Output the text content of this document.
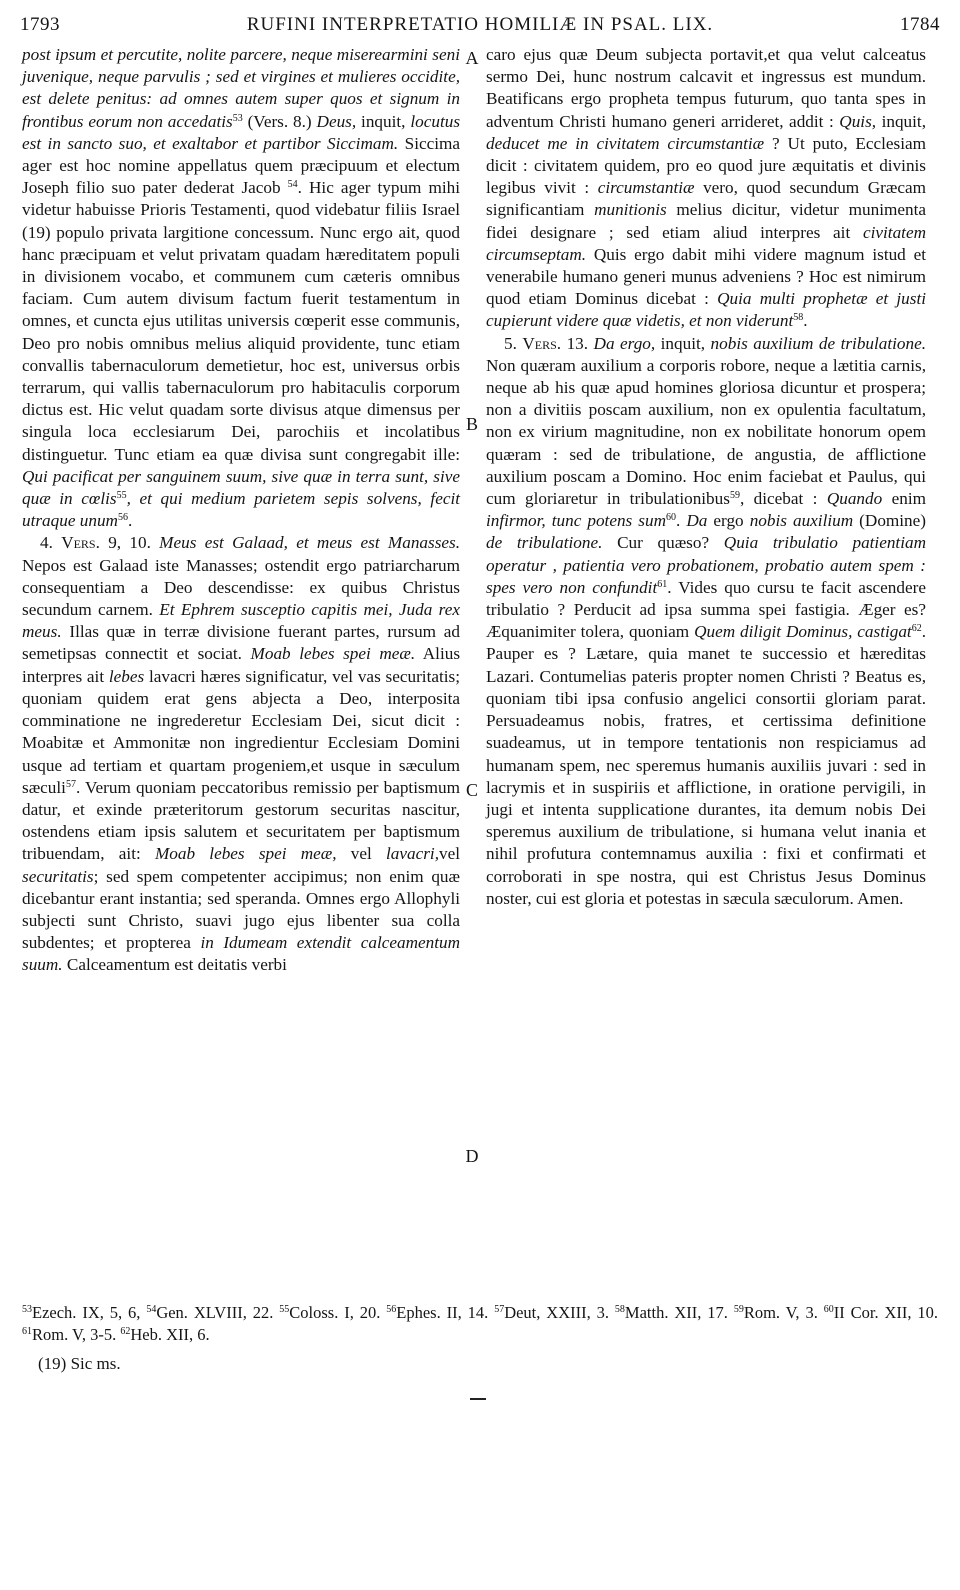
1793	RUFINI INTERPRETATIO HOMILIÆ IN PSAL. LIX.	1784

post ipsum et percutite, nolite parcere, neque miserearmini seni juvenique, neque parvulis ; sed et virgines et mulieres occidite, est delete penitus: ad omnes autem super quos et signum in frontibus eorum non accedatis$^{53}$ (Vers. 8.) Deus, inquit, locutus est in sancto suo, et exaltabor et partibor Siccimam. Siccima ager est hoc nomine appellatus quem præcipuum et electum Joseph filio suo pater dederat Jacob $^{54}$. Hic ager typum mihi videtur habuisse Prioris Testamenti, quod videbatur filiis Israel (19) populo privata largitione concessum. Nunc ergo ait, quod hanc præcipuam et velut privatam quadam hæreditatem populi in divisionem vocabo, et communem cum cæteris omnibus faciam. Cum autem divisum factum fuerit testamentum in omnes, et cuncta ejus utilitas universis cœperit esse communis, Deo pro nobis omnibus melius aliquid providente, tunc etiam convallis tabernaculorum demetietur, hoc est, universus orbis terrarum, qui vallis tabernaculorum pro habitaculis corporum dictus est. Hic velut quadam sorte divisus atque dimensus per singula loca ecclesiarum Dei, parochiis et incolatibus distinguetur. Tunc etiam ea quæ divisa sunt congregabit ille: Qui pacificat per sanguinem suum, sive quæ in terra sunt, sive quæ in cœlis$^{55}$, et qui medium parietem sepis solvens, fecit utraque unum$^{56}$.

4. Vers. 9, 10. Meus est Galaad, et meus est Manasses. Nepos est Galaad iste Manasses; ostendit ergo patriarcharum consequentiam a Deo descendisse: ex quibus Christus secundum carnem. Et Ephrem susceptio capitis mei, Juda rex meus. Illas quæ in terræ divisione fuerant partes, rursum ad semetipsas connectit et sociat. Moab lebes spei meæ. Alius interpres ait lebes lavacri hæres significatur, vel vas securitatis; quoniam quidem erat gens abjecta a Deo, interposita comminatione ne ingrederetur Ecclesiam Dei, sicut dicit : Moabitæ et Ammonitæ non ingredientur Ecclesiam Domini usque ad tertiam et quartam progeniem,et usque in sæculum sæculi$^{57}$. Verum quoniam peccatoribus remissio per baptismum datur, et exinde præteritorum gestorum securitas nascitur, ostendens etiam ipsis salutem et securitatem per baptismum tribuendam, ait: Moab lebes spei meæ, vel lavacri,vel securitatis; sed spem competenter accipimus; non enim quæ dicebantur erant instantia; sed speranda. Omnes ergo Allophyli subjecti sunt Christo, suavi jugo ejus libenter sua colla subdentes; et propterea in Idumeam extendit calceamentum suum. Calceamentum est deitatis verbi

caro ejus quæ Deum subjecta portavit,et qua velut calceatus sermo Dei, hunc nostrum calcavit et ingressus est mundum. Beatificans ergo propheta tempus futurum, quo tanta spes in adventum Christi humano generi arrideret, addit : Quis, inquit, deducet me in civitatem circumstantiæ ? Ut puto, Ecclesiam dicit : civitatem quidem, pro eo quod jure æquitatis et divinis legibus vivit : circumstantiæ vero, quod secundum Græcam significantiam munitionis melius dicitur, videtur munimenta fidei designare ; sed etiam aliud interpres ait civitatem circumseptam. Quis ergo dabit mihi videre magnum istud et venerabile humano generi munus adveniens ? Hoc est nimirum quod etiam Dominus dicebat : Quia multi prophetæ et justi cupierunt videre quæ videtis, et non viderunt$^{58}$.

5. Vers. 13. Da ergo, inquit, nobis auxilium de tribulatione. Non quæram auxilium a corporis robore, neque a lætitia carnis, neque ab his quæ apud homines gloriosa dicuntur et prospera; non a divitiis poscam auxilium, non ex opulentia facultatum, non ex virium magnitudine, non ex nobilitate honorum opem quæram : sed de tribulatione, de angustia, de afflictione auxilium poscam a Domino. Hoc enim faciebat et Paulus, qui cum gloriaretur in tribulationibus$^{59}$, dicebat : Quando enim infirmor, tunc potens sum$^{60}$. Da ergo nobis auxilium (Domine) de tribulatione. Cur quæso? Quia tribulatio patientiam operatur , patientia vero probationem, probatio autem spem : spes vero non confundit$^{61}$. Vides quo cursu te facit ascendere tribulatio ? Perducit ad ipsa summa spei fastigia. Æger es? Æquanimiter tolera, quoniam Quem diligit Dominus, castigat$^{62}$. Pauper es ? Lætare, quia manet te successio et hæreditas Lazari. Contumelias pateris propter nomen Christi ? Beatus es, quoniam tibi ipsa confusio angelici consortii gloriam parat. Persuadeamus nobis, fratres, et certissima definitione suadeamus, ut in tempore tentationis non respiciamus ad humanam spem, nec speremus humanis auxiliis juvari : sed in lacrymis et in suspiriis et afflictione, in oratione pervigili, in jugi et intenta supplicatione durantes, ita demum nobis Dei speremus auxilium de tribulatione, si humana velut inania et nihil profutura contemnamus auxilia : fixi et confirmati et corroborati in spe nostra, qui est Christus Jesus Dominus noster, cui est gloria et potestas in sæcula sæculorum. Amen.

A
B
C
D
$^{53}$Ezech. IX, 5, 6, $^{54}$Gen. XLVIII, 22. $^{55}$Coloss. I, 20. $^{56}$Ephes. II, 14. $^{57}$Deut, XXIII, 3. $^{58}$Matth. XII, 17. $^{59}$Rom. V, 3. $^{60}$II Cor. XII, 10. $^{61}$Rom. V, 3-5. $^{62}$Heb. XII, 6.
(19) Sic ms.
